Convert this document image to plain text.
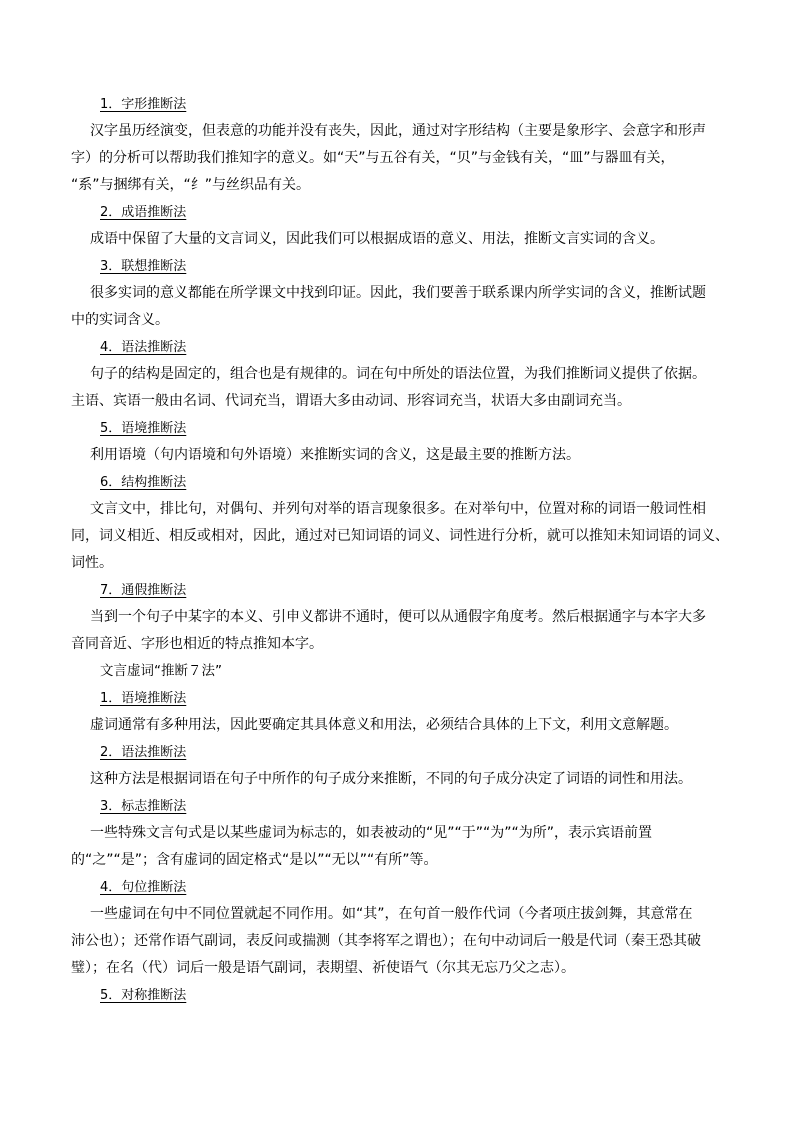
1．字形推断法
汉字虽历经演变，但表意的功能并没有丧失，因此，通过对字形结构（主要是象形字、会意字和形声
字）的分析可以帮助我们推知字的意义。如“天”与五谷有关，“贝”与金钱有关，“皿”与器皿有关，
“系”与捆绑有关，“纟”与丝织品有关。
2．成语推断法
成语中保留了大量的文言词义，因此我们可以根据成语的意义、用法，推断文言实词的含义。
3．联想推断法
很多实词的意义都能在所学课文中找到印证。因此，我们要善于联系课内所学实词的含义，推断试题
中的实词含义。
4．语法推断法
句子的结构是固定的，组合也是有规律的。词在句中所处的语法位置，为我们推断词义提供了依据。
主语、宾语一般由名词、代词充当，谓语大多由动词、形容词充当，状语大多由副词充当。
5．语境推断法
利用语境（句内语境和句外语境）来推断实词的含义，这是最主要的推断方法。
6．结构推断法
文言文中，排比句，对偶句、并列句对举的语言现象很多。在对举句中，位置对称的词语一般词性相
同，词义相近、相反或相对，因此，通过对已知词语的词义、词性进行分析，就可以推知未知词语的词义、
词性。
7．通假推断法
当到一个句子中某字的本义、引申义都讲不通时，便可以从通假字角度考。然后根据通字与本字大多
音同音近、字形也相近的特点推知本字。
文言虚词“推断７法”
1．语境推断法
虚词通常有多种用法，因此要确定其具体意义和用法，必须结合具体的上下文，利用文意解题。
2．语法推断法
这种方法是根据词语在句子中所作的句子成分来推断，不同的句子成分决定了词语的词性和用法。
3．标志推断法
一些特殊文言句式是以某些虚词为标志的，如表被动的“见”“于”“为”“为所”，表示宾语前置
的“之”“是”；含有虚词的固定格式“是以”“无以”“有所”等。
4．句位推断法
一些虚词在句中不同位置就起不同作用。如“其”，在句首一般作代词（今者项庄拔剑舞，其意常在
沛公也）；还常作语气副词，表反问或揣测（其李将军之谓也）；在句中动词后一般是代词（秦王恐其破
璧）；在名（代）词后一般是语气副词，表期望、祈使语气（尔其无忘乃父之志）。
5．对称推断法
